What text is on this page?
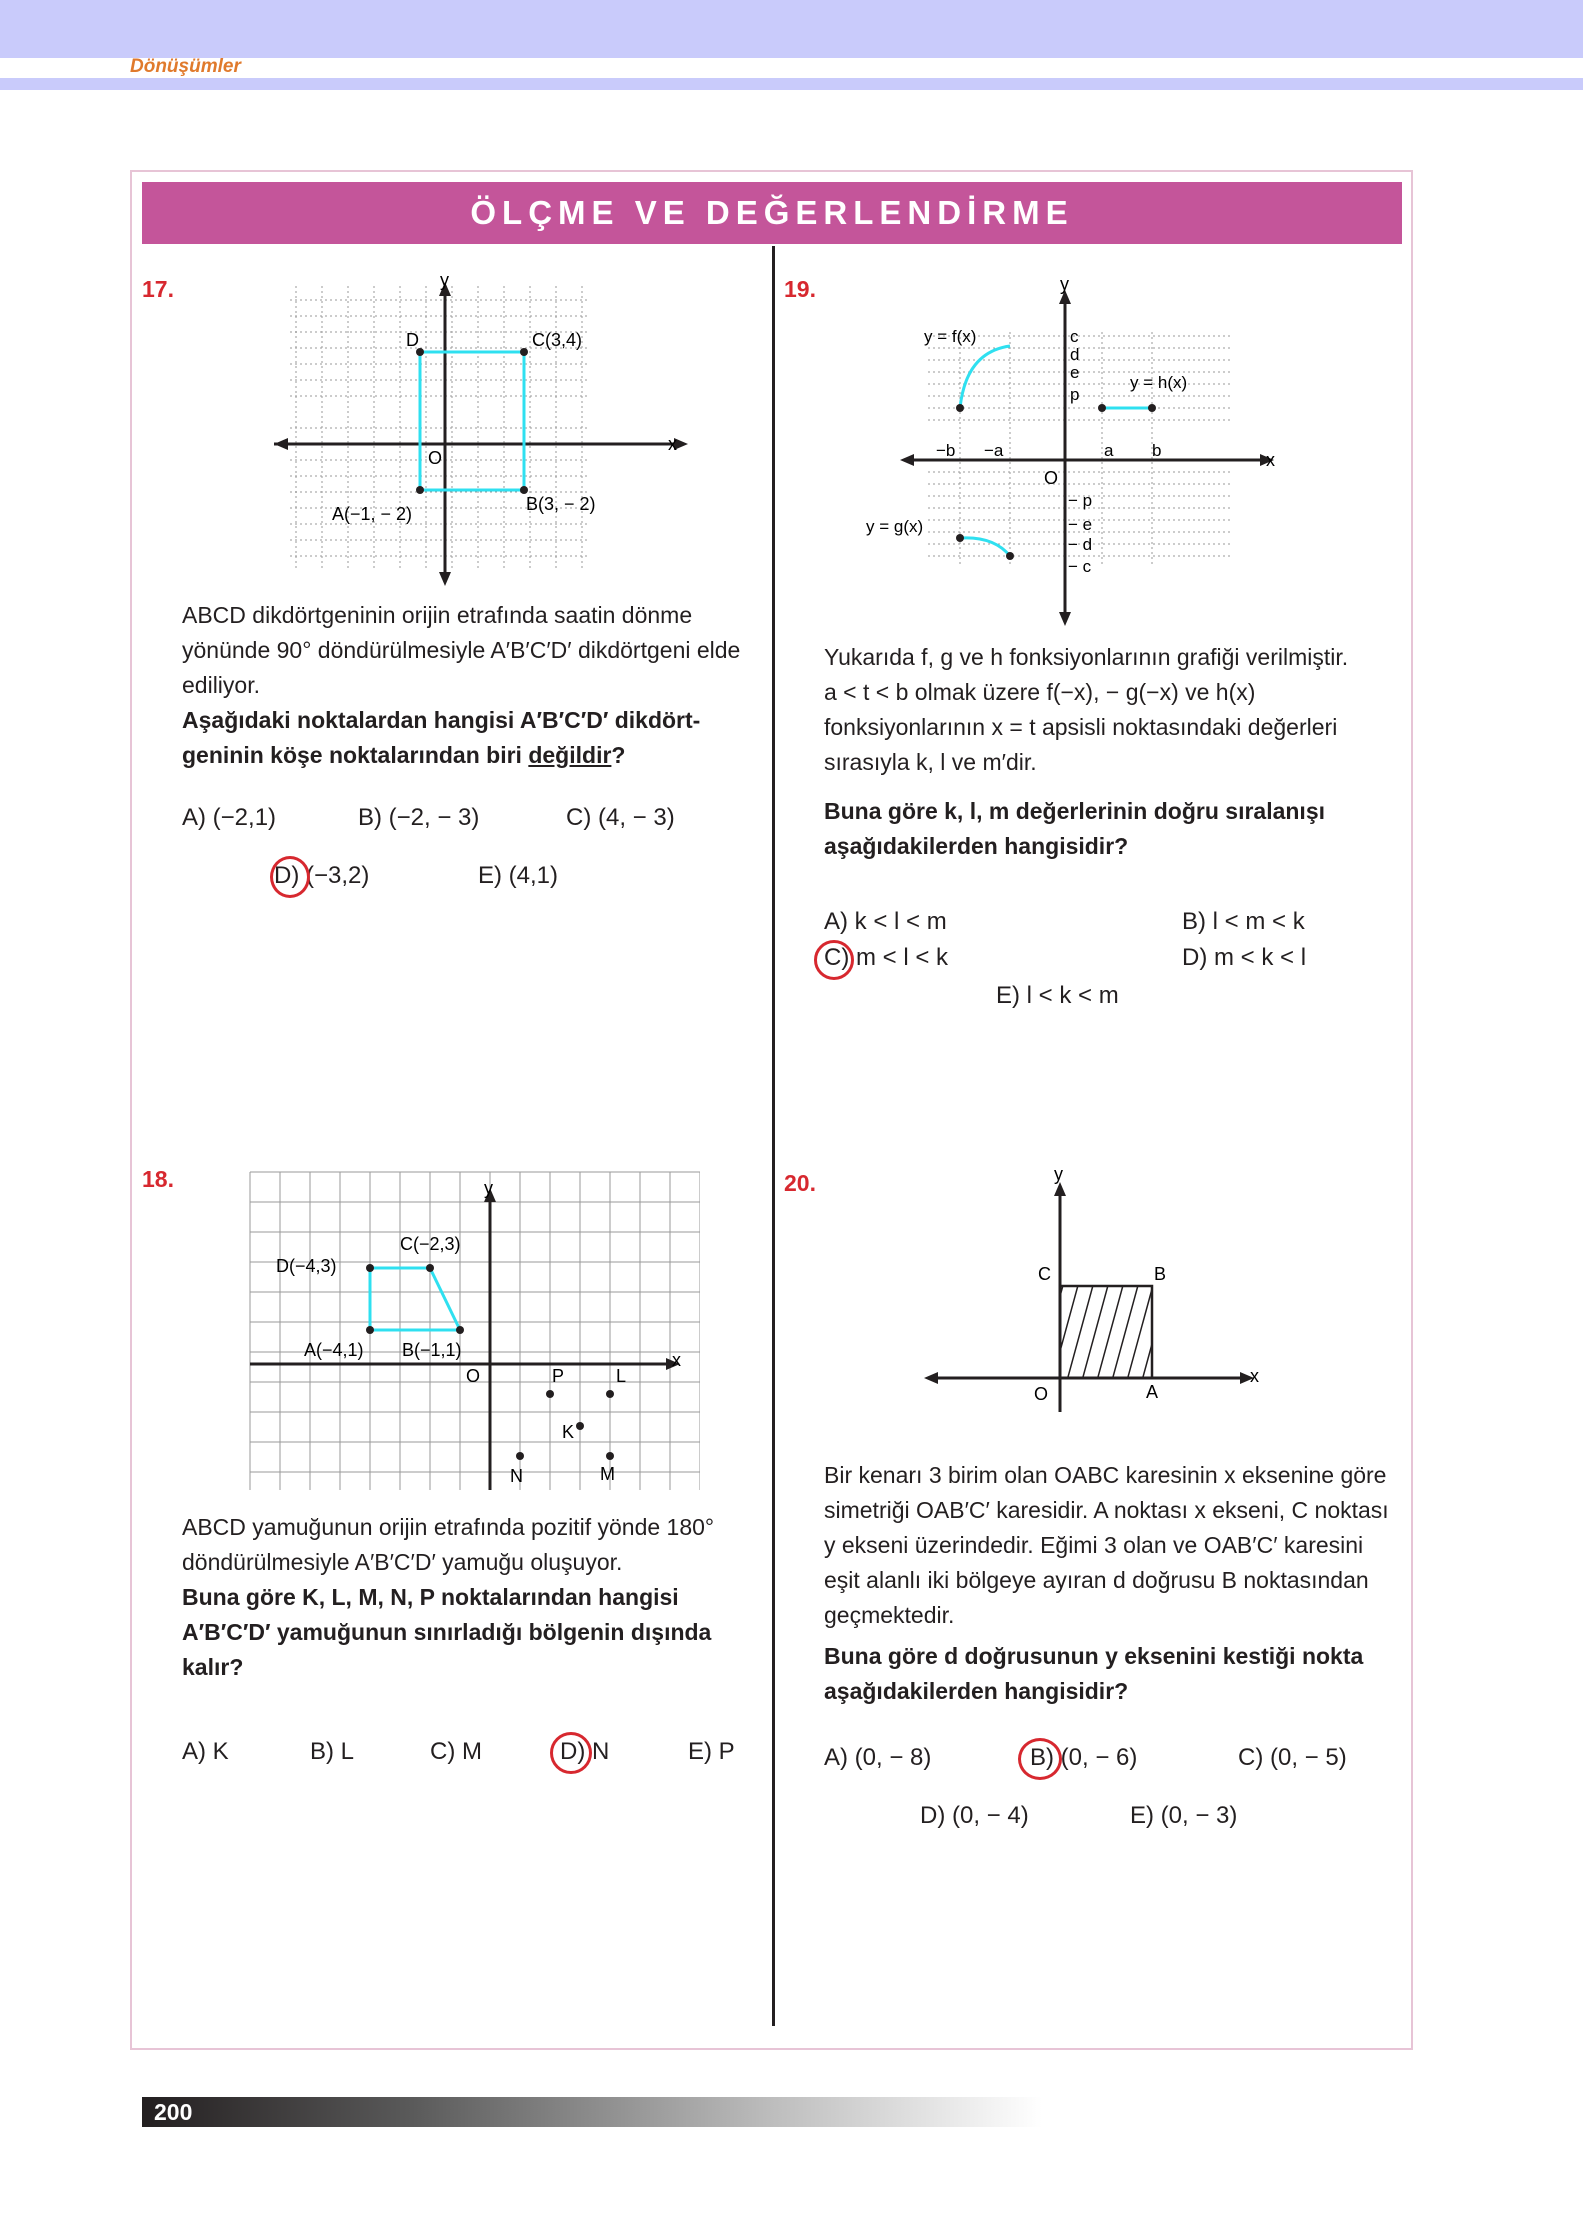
Dönüşümler
ÖLÇME VE DEĞERLENDİRME
17.	y
x
O
D	C(3,4)
A(−1, − 2)	B(3, − 2)

ABCD dikdörtgeninin orijin etrafında saatin dönme yönünde 90° döndürülmesiyle A′B′C′D′ dikdörtgeni elde ediliyor.

Aşağıdaki noktalardan hangisi A′B′C′D′ dikdörtgeninin köşe noktalarından biri değildir?

A) (−2,1)	B) (−2, − 3)	C) (4, − 3)
D) (−3,2)	E) (4,1)
18.	y
x
O
D(−4,3)
C(−2,3)
A(−4,1) B(−1,1)
P	L
K
N	M

ABCD yamuğunun orijin etrafında pozitif yönde 180° döndürülmesiyle A′B′C′D′ yamuğu oluşuyor.

Buna göre K, L, M, N, P noktalarından hangisi A′B′C′D′ yamuğunun sınırladığı bölgenin dışında kalır?

A) K	B) L	C) M	D) N	E) P
19.	y
x
O
y = f(x)
y = g(x)
y = h(x)
−b −a	a b
c
d
e
p
− p
− e
− d
− c

Yukarıda f, g ve h fonksiyonlarının grafiği verilmiştir.

a < t < b olmak üzere f(−x), − g(−x) ve h(x)

fonksiyonlarının x = t apsisli noktasındaki değerleri sırasıyla k, l ve m′dir.

Buna göre k, l, m değerlerinin doğru sıralanışı aşağıdakilerden hangisidir?

A) k < l < m	B) l < m < k
C) m < l < k	D) m < k < l
E) l < k < m
20.	y
x
O	A
B
C

Bir kenarı 3 birim olan OABC karesinin x eksenine göre simetriği OAB′C′ karesidir. A noktası x ekseni, C noktası y ekseni üzerindedir. Eğimi 3 olan ve OAB′C′ karesini eşit alanlı iki bölgeye ayıran d doğrusu B noktasından geçmektedir.

Buna göre d doğrusunun y eksenini kestiği nokta aşağıdakilerden hangisidir?

A) (0, − 8)	B) (0, − 6)	C) (0, − 5)
D) (0, − 4)	E) (0, − 3)
200
